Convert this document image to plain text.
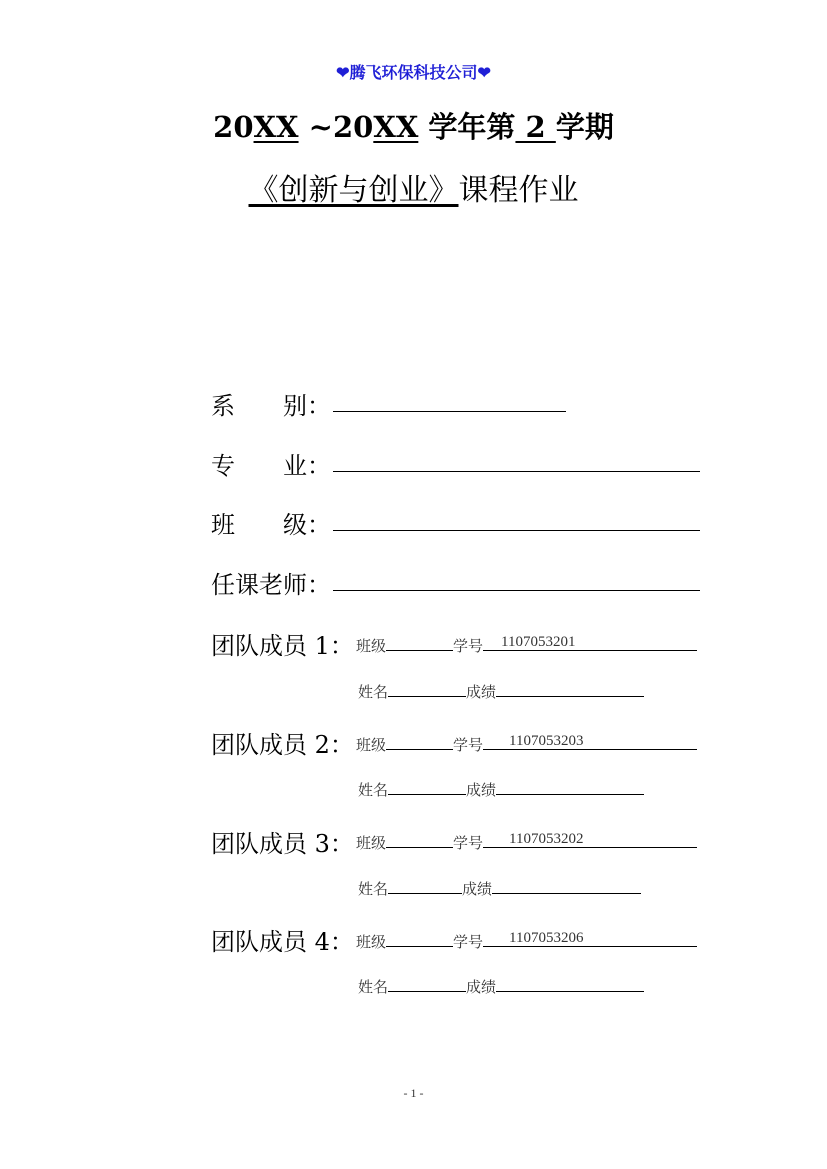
❤腾飞环保科技公司❤
20XX ~20XX 学年第 2 学期
《创新与创业》课程作业
系　　别：
专　　业：
班　　级：
任课老师：
团队成员 1： 班级	学号 1107053201
姓名	成绩
团队成员 2： 班级	学号 1107053203
姓名	成绩
团队成员 3： 班级	学号 1107053202
姓名	成绩
团队成员 4： 班级	学号 1107053206
姓名	成绩
- 1 -
